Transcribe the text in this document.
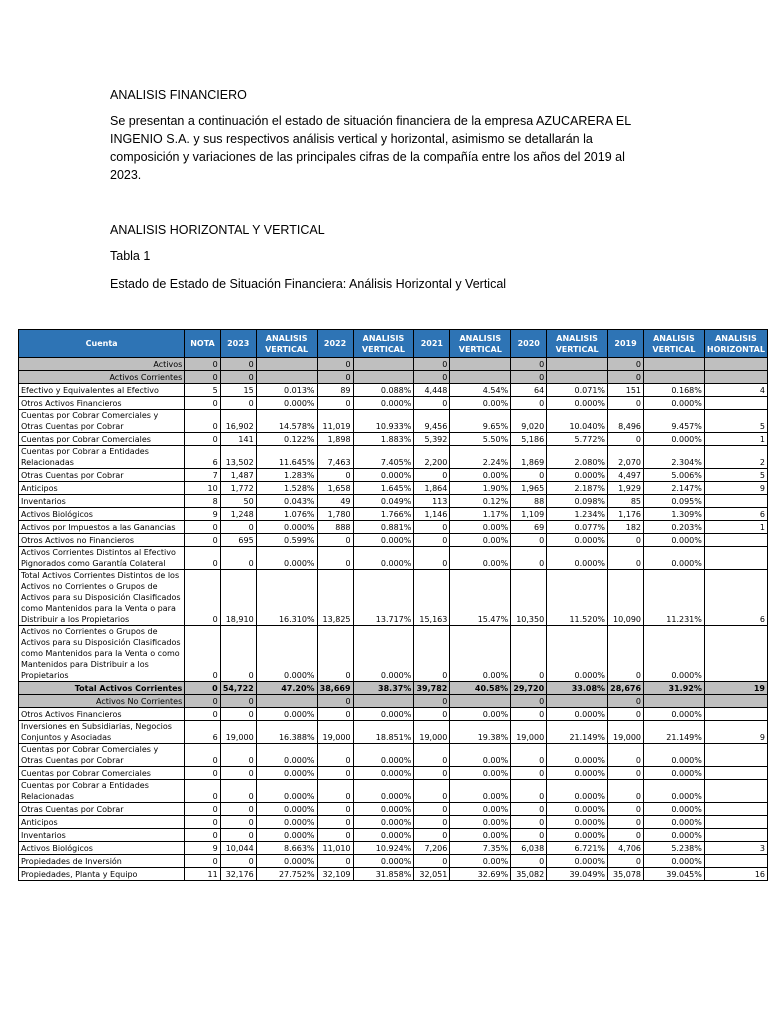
ANALISIS FINANCIERO
Se presentan a continuación el estado de situación financiera de la empresa AZUCARERA EL INGENIO S.A. y sus respectivos análisis vertical y horizontal, asimismo se detallarán la composición y variaciones de las principales cifras de la compañía entre los años del 2019 al 2023.
ANALISIS HORIZONTAL Y VERTICAL
Tabla 1
Estado de Estado de Situación Financiera: Análisis Horizontal y Vertical
Cuenta	NOTA	2023	ANALISIS VERTICAL	2022	ANALISIS VERTICAL	2021	ANALISIS VERTICAL	2020	ANALISIS VERTICAL	2019	ANALISIS VERTICAL	ANALISIS HORIZONTAL
Activos	0	0		0		0		0		0		
Activos Corrientes	0	0		0		0		0		0		
Efectivo y Equivalentes al Efectivo	5	15	0.013%	89	0.088%	4,448	4.54%	64	0.071%	151	0.168%	4
Otros Activos Financieros	0	0	0.000%	0	0.000%	0	0.00%	0	0.000%	0	0.000%	
Cuentas por Cobrar Comerciales y Otras Cuentas por Cobrar	0	16,902	14.578%	11,019	10.933%	9,456	9.65%	9,020	10.040%	8,496	9.457%	5
Cuentas por Cobrar Comerciales	0	141	0.122%	1,898	1.883%	5,392	5.50%	5,186	5.772%	0	0.000%	1
Cuentas por Cobrar a Entidades Relacionadas	6	13,502	11.645%	7,463	7.405%	2,200	2.24%	1,869	2.080%	2,070	2.304%	2
Otras Cuentas por Cobrar	7	1,487	1.283%	0	0.000%	0	0.00%	0	0.000%	4,497	5.006%	5
Anticipos	10	1,772	1.528%	1,658	1.645%	1,864	1.90%	1,965	2.187%	1,929	2.147%	9
Inventarios	8	50	0.043%	49	0.049%	113	0.12%	88	0.098%	85	0.095%	
Activos Biológicos	9	1,248	1.076%	1,780	1.766%	1,146	1.17%	1,109	1.234%	1,176	1.309%	6
Activos por Impuestos a las Ganancias	0	0	0.000%	888	0.881%	0	0.00%	69	0.077%	182	0.203%	1
Otros Activos no Financieros	0	695	0.599%	0	0.000%	0	0.00%	0	0.000%	0	0.000%	
Activos Corrientes Distintos al Efectivo Pignorados como Garantía Colateral	0	0	0.000%	0	0.000%	0	0.00%	0	0.000%	0	0.000%	
Total Activos Corrientes Distintos de los Activos no Corrientes o Grupos de Activos para su Disposición Clasificados como Mantenidos para la Venta o para Distribuir a los Propietarios	0	18,910	16.310%	13,825	13.717%	15,163	15.47%	10,350	11.520%	10,090	11.231%	6
Activos no Corrientes o Grupos de Activos para su Disposición Clasificados como Mantenidos para la Venta o como Mantenidos para Distribuir a los Propietarios	0	0	0.000%	0	0.000%	0	0.00%	0	0.000%	0	0.000%	
Total Activos Corrientes	0	54,722	47.20%	38,669	38.37%	39,782	40.58%	29,720	33.08%	28,676	31.92%	19
Activos No Corrientes	0	0		0		0		0		0		
Otros Activos Financieros	0	0	0.000%	0	0.000%	0	0.00%	0	0.000%	0	0.000%	
Inversiones en Subsidiarias, Negocios Conjuntos y Asociadas	6	19,000	16.388%	19,000	18.851%	19,000	19.38%	19,000	21.149%	19,000	21.149%	9
Cuentas por Cobrar Comerciales y Otras Cuentas por Cobrar	0	0	0.000%	0	0.000%	0	0.00%	0	0.000%	0	0.000%	
Cuentas por Cobrar Comerciales	0	0	0.000%	0	0.000%	0	0.00%	0	0.000%	0	0.000%	
Cuentas por Cobrar a Entidades Relacionadas	0	0	0.000%	0	0.000%	0	0.00%	0	0.000%	0	0.000%	
Otras Cuentas por Cobrar	0	0	0.000%	0	0.000%	0	0.00%	0	0.000%	0	0.000%	
Anticipos	0	0	0.000%	0	0.000%	0	0.00%	0	0.000%	0	0.000%	
Inventarios	0	0	0.000%	0	0.000%	0	0.00%	0	0.000%	0	0.000%	
Activos Biológicos	9	10,044	8.663%	11,010	10.924%	7,206	7.35%	6,038	6.721%	4,706	5.238%	3
Propiedades de Inversión	0	0	0.000%	0	0.000%	0	0.00%	0	0.000%	0	0.000%	
Propiedades, Planta y Equipo	11	32,176	27.752%	32,109	31.858%	32,051	32.69%	35,082	39.049%	35,078	39.045%	16
